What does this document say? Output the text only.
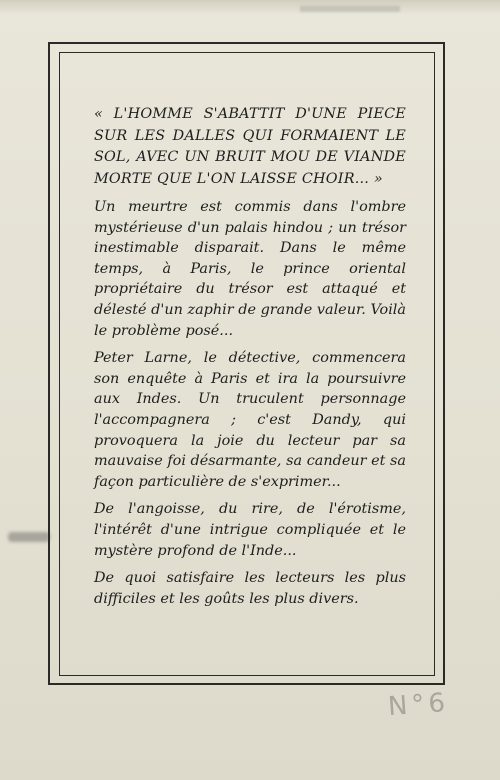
« L'HOMME S'ABATTIT D'UNE PIECE SUR LES DALLES QUI FORMAIENT LE SOL, AVEC UN BRUIT MOU DE VIANDE MORTE QUE L'ON LAISSE CHOIR... »

Un meurtre est commis dans l'ombre mystérieuse d'un palais hindou ; un trésor inestimable disparait. Dans le même temps, à Paris, le prince oriental propriétaire du trésor est attaqué et délesté d'un zaphir de grande valeur. Voilà le problème posé...

Peter Larne, le détective, commencera son enquête à Paris et ira la poursuivre aux Indes. Un truculent personnage l'accompagnera ; c'est Dandy, qui provoquera la joie du lecteur par sa mauvaise foi désarmante, sa candeur et sa façon particulière de s'exprimer...

De l'angoisse, du rire, de l'érotisme, l'intérêt d'une intrigue compliquée et le mystère profond de l'Inde...

De quoi satisfaire les lecteurs les plus difficiles et les goûts les plus divers.

N°6
